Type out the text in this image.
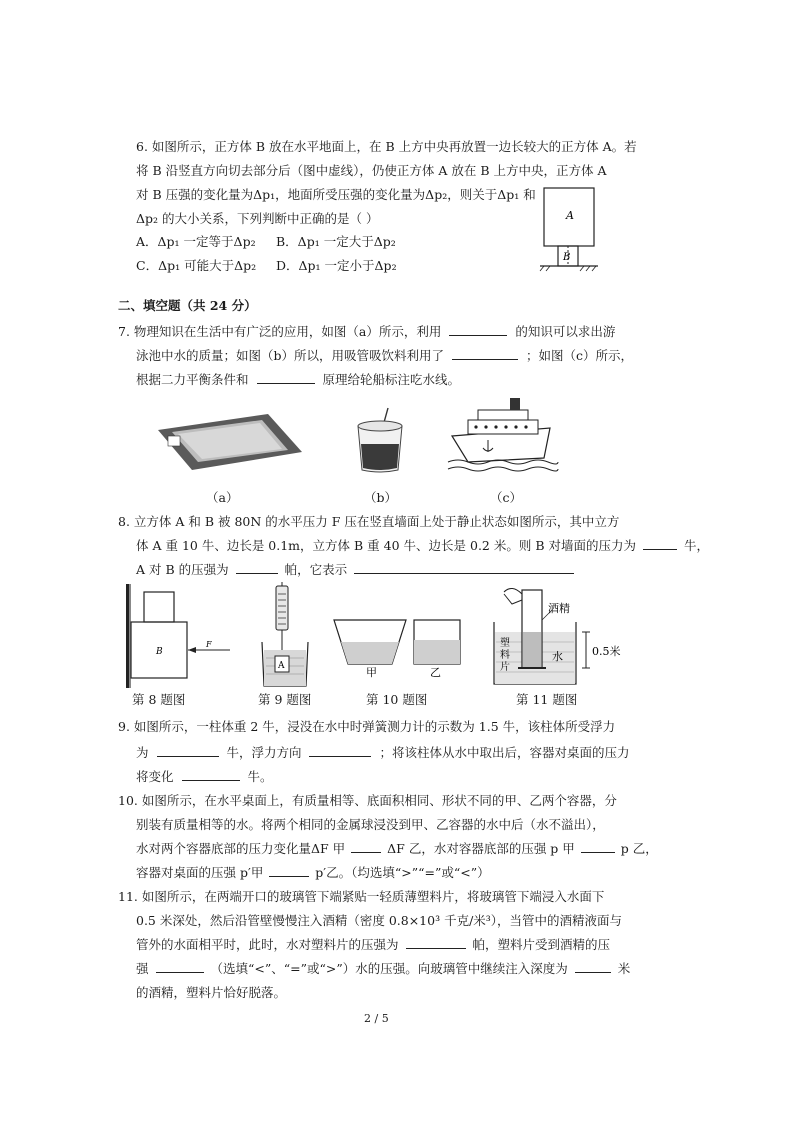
6. 如图所示，正方体 B 放在水平地面上，在 B 上方中央再放置一边长较大的正方体 A。若
将 B 沿竖直方向切去部分后（图中虚线），仍使正方体 A 放在 B 上方中央，正方体 A
对 B 压强的变化量为Δp₁，地面所受压强的变化量为Δp₂，则关于Δp₁ 和
Δp₂ 的大小关系，下列判断中正确的是（ ）
A．Δp₁ 一定等于Δp₂ B．Δp₁ 一定大于Δp₂
C．Δp₁ 可能大于Δp₂ D．Δp₁ 一定小于Δp₂
A
B
二、填空题（共 24 分）
7. 物理知识在生活中有广泛的应用，如图（a）所示，利用	的知识可以求出游
泳池中水的质量；如图（b）所以，用吸管吸饮料利用了	；如图（c）所示，
根据二力平衡条件和	原理给轮船标注吃水线。
（a）	（b）	（c）
8. 立方体 A 和 B 被 80N 的水平压力 F 压在竖直墙面上处于静止状态如图所示，其中立方
体 A 重 10 牛、边长是 0.1m，立方体 B 重 40 牛、边长是 0.2 米。则 B 对墙面的压力为	牛，
A 对 B 的压强为	帕，它表示
B
F
A	甲	乙
酒精
水	0.5米
塑
料
片
第 8 题图	第 9 题图	第 10 题图	第 11 题图
9. 如图所示，一柱体重 2 牛，浸没在水中时弹簧测力计的示数为 1.5 牛，该柱体所受浮力
为	牛，浮力方向	；将该柱体从水中取出后，容器对桌面的压力
将变化	牛。
10. 如图所示，在水平桌面上，有质量相等、底面积相同、形状不同的甲、乙两个容器，分
别装有质量相等的水。将两个相同的金属球浸没到甲、乙容器的水中后（水不溢出），
水对两个容器底部的压力变化量ΔF 甲	ΔF 乙，水对容器底部的压强 p 甲	p 乙，
容器对桌面的压强 p′甲	p′乙。（均选填“>”“=”或“<”）
11. 如图所示，在两端开口的玻璃管下端紧贴一轻质薄塑料片，将玻璃管下端浸入水面下
0.5 米深处，然后沿管壁慢慢注入酒精（密度 0.8×10³ 千克/米³），当管中的酒精液面与
管外的水面相平时，此时，水对塑料片的压强为	帕，塑料片受到酒精的压
强	（选填“<”、“=”或“>”）水的压强。向玻璃管中继续注入深度为	米
的酒精，塑料片恰好脱落。
2 / 5
